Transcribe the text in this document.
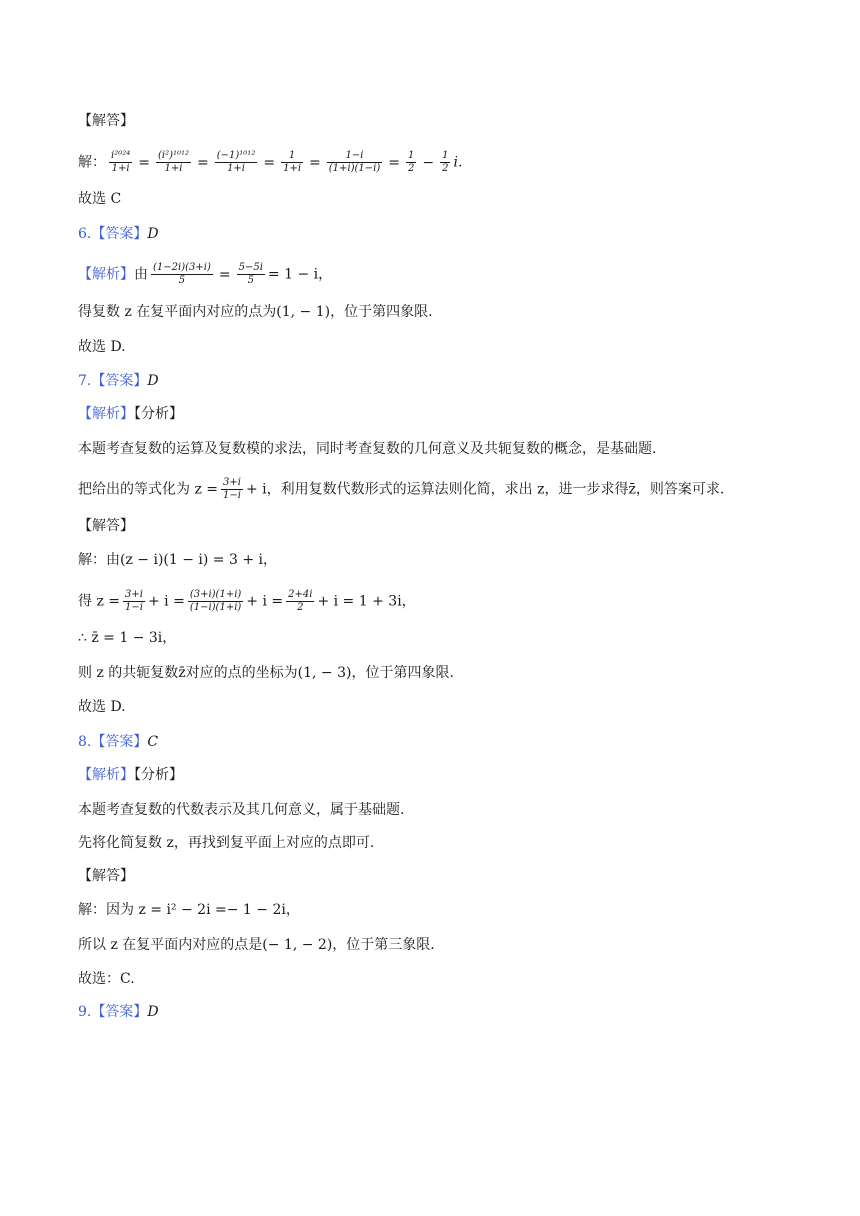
【解答】
解： $\frac{\text{i²⁰²⁴}}{1+i} = \frac{\text{(i²)¹⁰¹²}}{1+i} = \frac{\text{(−1)¹⁰¹²}}{1+i} = \frac{1}{1+i} = \frac{1-i}{(1+i)(1-i)} = \frac{1}{2} - \frac{1}{2} i$.
故选 C
6.【答案】D
【解析】由 $\frac{(1-2i)(3+i)}{5} = \frac{5-5i}{5} = 1 - i$，
得复数 z 在复平面内对应的点为(1, − 1)，位于第四象限.
故选 D.
7.【答案】D
【解析】【分析】
本题考查复数的运算及复数模的求法，同时考查复数的几何意义及共轭复数的概念，是基础题.
把给出的等式化为 $z = \frac{3+i}{1-i} + i$，利用复数代数形式的运算法则化简，求出 z，进一步求得z̄，则答案可求.
【解答】
解：由(z − i)(1 − i) = 3 + i，
得 $z = \frac{3+i}{1-i} + i = \frac{(3+i)(1+i)}{(1-i)(1+i)} + i = \frac{2+4i}{2} + i = 1 + 3i$，
∴ z̄ = 1 − 3i，
则 z 的共轭复数z̄对应的点的坐标为(1, − 3)，位于第四象限.
故选 D.
8.【答案】C
【解析】【分析】
本题考查复数的代数表示及其几何意义，属于基础题.
先将化简复数 z，再找到复平面上对应的点即可.
【解答】
解：因为 z = i² − 2i =− 1 − 2i，
所以 z 在复平面内对应的点是(− 1, − 2)，位于第三象限.
故选：C.
9.【答案】D
